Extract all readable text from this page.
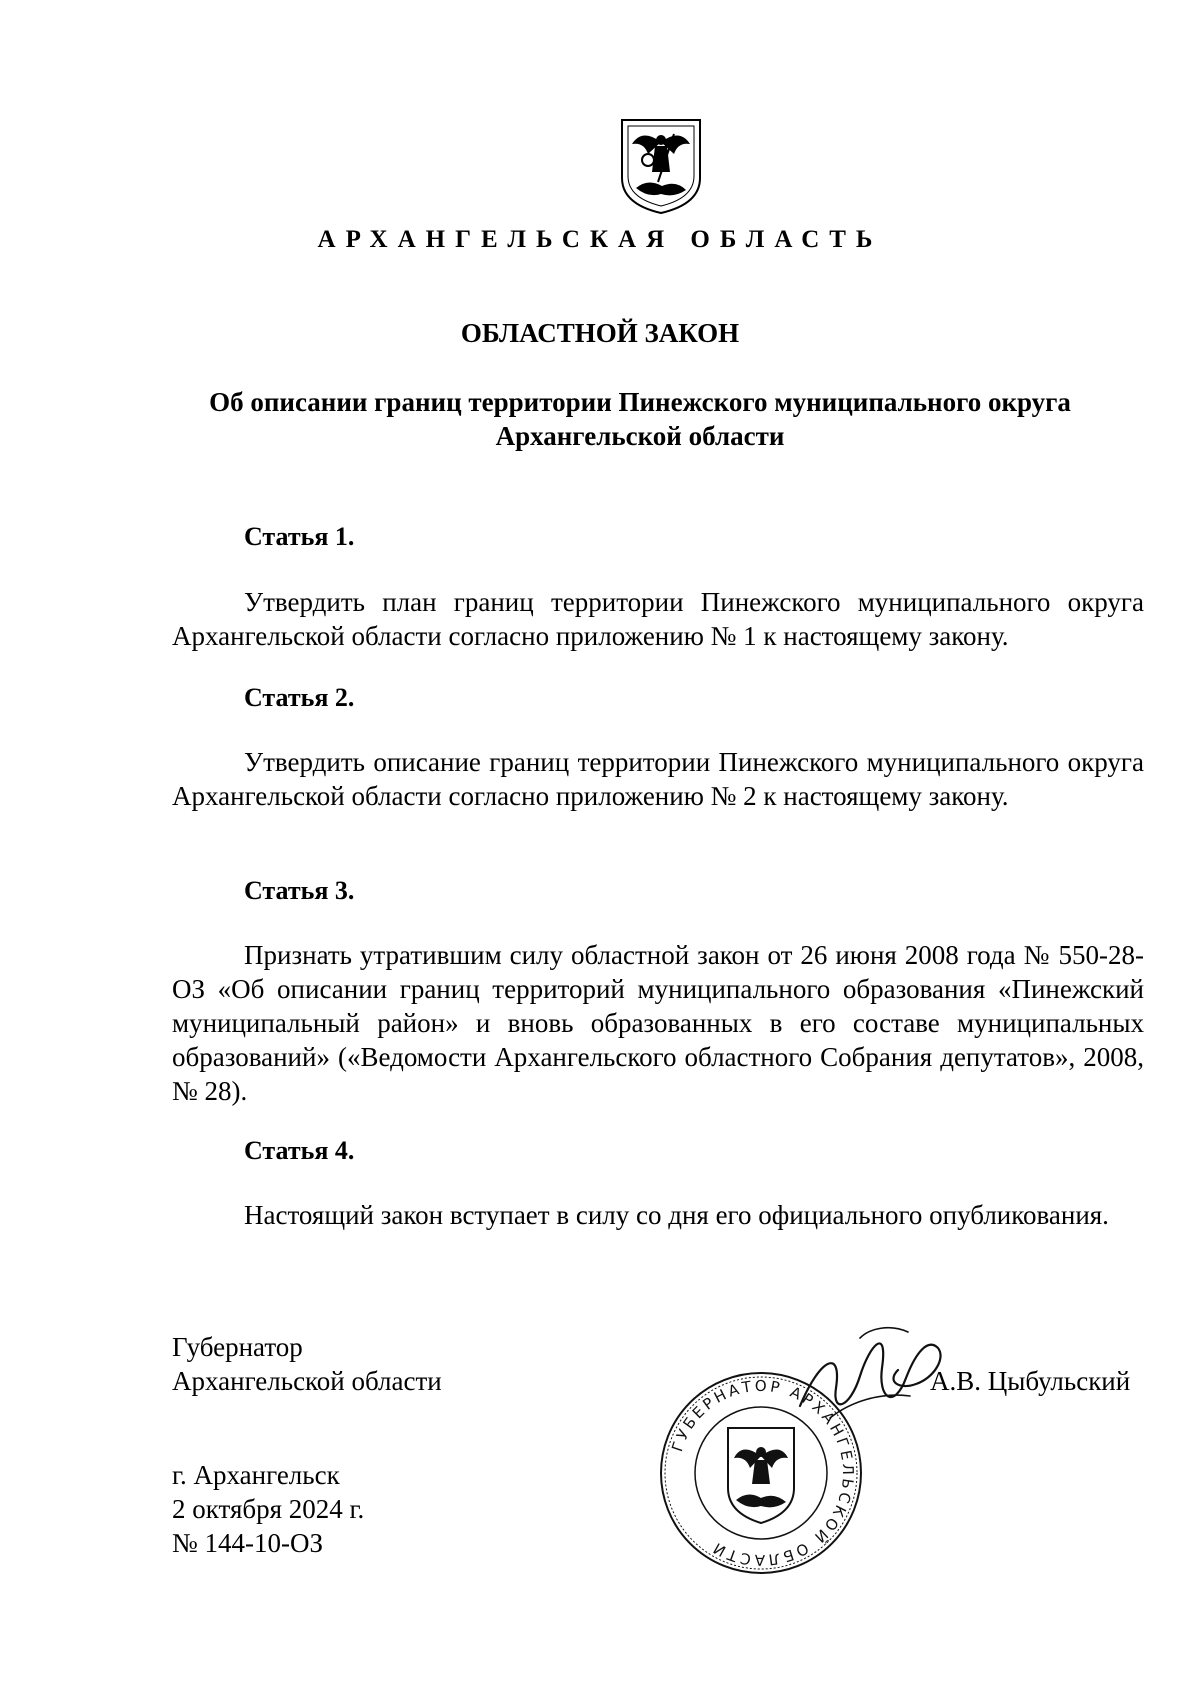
АРХАНГЕЛЬСКАЯ ОБЛАСТЬ
ОБЛАСТНОЙ ЗАКОН
Об описании границ территории Пинежского муниципального округа Архангельской области
Статья 1.
Утвердить план границ территории Пинежского муниципального округа Архангельской области согласно приложению № 1 к настоящему закону.
Статья 2.
Утвердить описание границ территории Пинежского муниципального округа Архангельской области согласно приложению № 2 к настоящему закону.
Статья 3.
Признать утратившим силу областной закон от 26 июня 2008 года № 550-28-ОЗ «Об описании границ территорий муниципального образования «Пинежский муниципальный район» и вновь образованных в его составе муниципальных образований» («Ведомости Архангельского областного Собрания депутатов», 2008, № 28).
Статья 4.
Настоящий закон вступает в силу со дня его официального опубликования.
Губернатор
Архангельской области	А.В. Цыбульский
ГУБЕРНАТОР АРХАНГЕЛЬСКОЙ ОБЛАСТИ
г. Архангельск
2 октября 2024 г.
№ 144-10-ОЗ
